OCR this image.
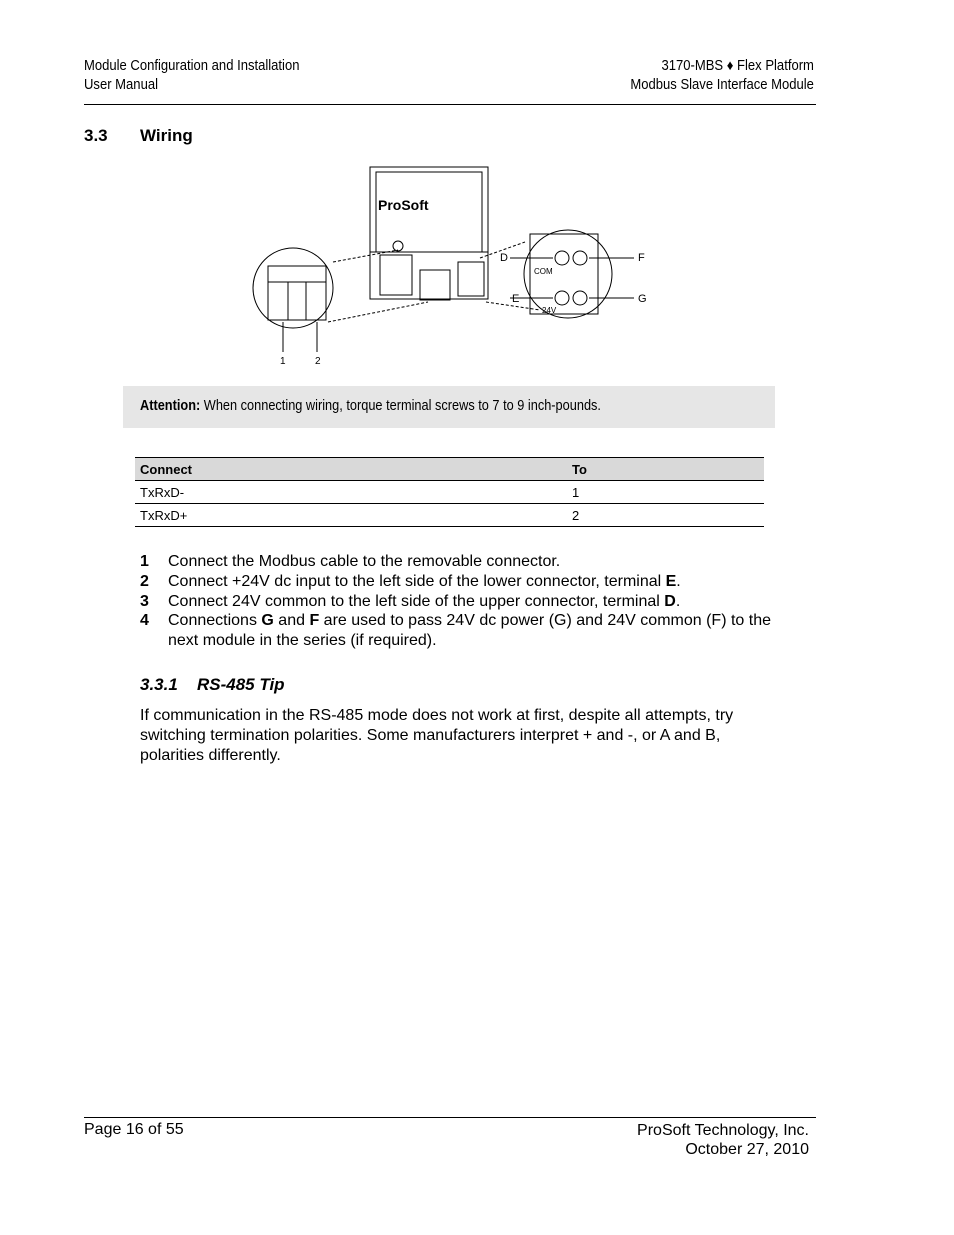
Module Configuration and Installation
User Manual
3170-MBS ♦ Flex Platform
Modbus Slave Interface Module
3.3 Wiring
ProSoft
D
E
F
G
COM
24V
1	2
Attention: When connecting wiring, torque terminal screws to 7 to 9 inch-pounds.
Connect	To
TxRxD-	1
TxRxD+	2
1 Connect the Modbus cable to the removable connector.
2 Connect +24V dc input to the left side of the lower connector, terminal E.
3 Connect 24V common to the left side of the upper connector, terminal D.
4 Connections G and F are used to pass 24V dc power (G) and 24V common (F) to the next module in the series (if required).
3.3.1 RS-485 Tip
If communication in the RS-485 mode does not work at first, despite all attempts, try switching termination polarities. Some manufacturers interpret + and -, or A and B, polarities differently.
Page 16 of 55	ProSoft Technology, Inc.
October 27, 2010
